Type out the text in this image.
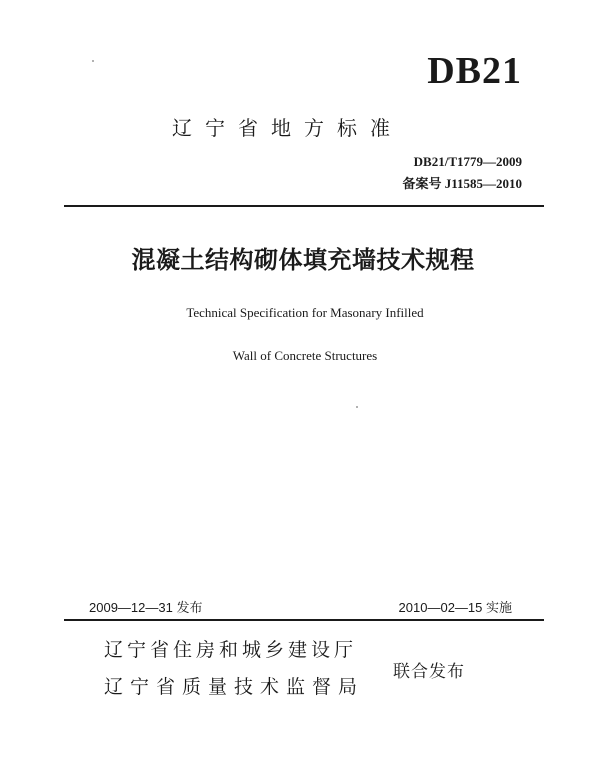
DB21
辽宁省地方标准
DB21/T1779—2009
备案号 J11585—2010
混凝土结构砌体填充墙技术规程
Technical Specification for Masonary Infilled
Wall of Concrete Structures
2009—12—31 发布	2010—02—15 实施
辽宁省住房和城乡建设厅
辽宁省质量技术监督局
联合发布
